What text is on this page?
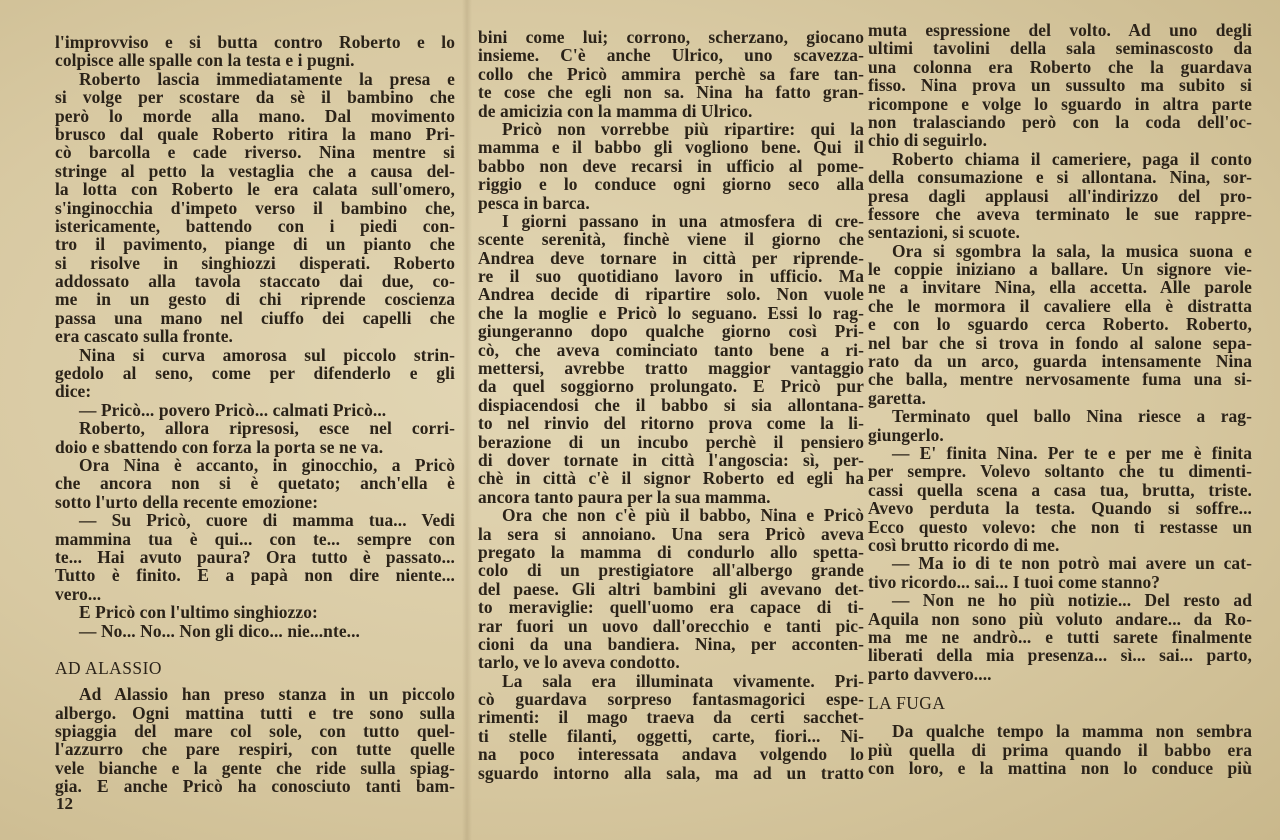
l'improvviso e si butta contro Roberto e lo
colpisce alle spalle con la testa e i pugni.
Roberto lascia immediatamente la presa e
si volge per scostare da sè il bambino che
però lo morde alla mano. Dal movimento
brusco dal quale Roberto ritira la mano Pri-
cò barcolla e cade riverso. Nina mentre si
stringe al petto la vestaglia che a causa del-
la lotta con Roberto le era calata sull'omero,
s'inginocchia d'impeto verso il bambino che,
istericamente, battendo con i piedi con-
tro il pavimento, piange di un pianto che
si risolve in singhiozzi disperati. Roberto
addossato alla tavola staccato dai due, co-
me in un gesto di chi riprende coscienza
passa una mano nel ciuffo dei capelli che
era cascato sulla fronte.
Nina si curva amorosa sul piccolo strin-
gedolo al seno, come per difenderlo e gli
dice:
— Pricò... povero Pricò... calmati Pricò...
Roberto, allora ripresosi, esce nel corri-
doio e sbattendo con forza la porta se ne va.
Ora Nina è accanto, in ginocchio, a Pricò
che ancora non si è quetato; anch'ella è
sotto l'urto della recente emozione:
— Su Pricò, cuore di mamma tua... Vedi
mammina tua è qui... con te... sempre con
te... Hai avuto paura? Ora tutto è passato...
Tutto è finito. E a papà non dire niente...
vero...
E Pricò con l'ultimo singhiozzo:
— No... No... Non gli dico... nie...nte...
AD ALASSIO
Ad Alassio han preso stanza in un piccolo
albergo. Ogni mattina tutti e tre sono sulla
spiaggia del mare col sole, con tutto quel-
l'azzurro che pare respiri, con tutte quelle
vele bianche e la gente che ride sulla spiag-
gia. E anche Pricò ha conosciuto tanti bam-
bini come lui; corrono, scherzano, giocano
insieme. C'è anche Ulrico, uno scavezza-
collo che Pricò ammira perchè sa fare tan-
te cose che egli non sa. Nina ha fatto gran-
de amicizia con la mamma di Ulrico.
Pricò non vorrebbe più ripartire: qui la
mamma e il babbo gli vogliono bene. Qui il
babbo non deve recarsi in ufficio al pome-
riggio e lo conduce ogni giorno seco alla
pesca in barca.
I giorni passano in una atmosfera di cre-
scente serenità, finchè viene il giorno che
Andrea deve tornare in città per riprende-
re il suo quotidiano lavoro in ufficio. Ma
Andrea decide di ripartire solo. Non vuole
che la moglie e Pricò lo seguano. Essi lo rag-
giungeranno dopo qualche giorno così Pri-
cò, che aveva cominciato tanto bene a ri-
mettersi, avrebbe tratto maggior vantaggio
da quel soggiorno prolungato. E Pricò pur
dispiacendosi che il babbo si sia allontana-
to nel rinvio del ritorno prova come la li-
berazione di un incubo perchè il pensiero
di dover tornate in città l'angoscia: sì, per-
chè in città c'è il signor Roberto ed egli ha
ancora tanto paura per la sua mamma.
Ora che non c'è più il babbo, Nina e Pricò
la sera si annoiano. Una sera Pricò aveva
pregato la mamma di condurlo allo spetta-
colo di un prestigiatore all'albergo grande
del paese. Gli altri bambini gli avevano det-
to meraviglie: quell'uomo era capace di ti-
rar fuori un uovo dall'orecchio e tanti pic-
cioni da una bandiera. Nina, per acconten-
tarlo, ve lo aveva condotto.
La sala era illuminata vivamente. Pri-
cò guardava sorpreso fantasmagorici espe-
rimenti: il mago traeva da certi sacchet-
ti stelle filanti, oggetti, carte, fiori... Ni-
na poco interessata andava volgendo lo
sguardo intorno alla sala, ma ad un tratto
muta espressione del volto. Ad uno degli
ultimi tavolini della sala seminascosto da
una colonna era Roberto che la guardava
fisso. Nina prova un sussulto ma subito si
ricompone e volge lo sguardo in altra parte
non tralasciando però con la coda dell'oc-
chio di seguirlo.
Roberto chiama il cameriere, paga il conto
della consumazione e si allontana. Nina, sor-
presa dagli applausi all'indirizzo del pro-
fessore che aveva terminato le sue rappre-
sentazioni, si scuote.
Ora si sgombra la sala, la musica suona e
le coppie iniziano a ballare. Un signore vie-
ne a invitare Nina, ella accetta. Alle parole
che le mormora il cavaliere ella è distratta
e con lo sguardo cerca Roberto. Roberto,
nel bar che si trova in fondo al salone sepa-
rato da un arco, guarda intensamente Nina
che balla, mentre nervosamente fuma una si-
garetta.
Terminato quel ballo Nina riesce a rag-
giungerlo.
— E' finita Nina. Per te e per me è finita
per sempre. Volevo soltanto che tu dimenti-
cassi quella scena a casa tua, brutta, triste.
Avevo perduta la testa. Quando si soffre...
Ecco questo volevo: che non ti restasse un
così brutto ricordo di me.
— Ma io di te non potrò mai avere un cat-
tivo ricordo... sai... I tuoi come stanno?
— Non ne ho più notizie... Del resto ad
Aquila non sono più voluto andare... da Ro-
ma me ne andrò... e tutti sarete finalmente
liberati della mia presenza... sì... sai... parto,
parto davvero....
LA FUGA
Da qualche tempo la mamma non sembra
più quella di prima quando il babbo era
con loro, e la mattina non lo conduce più
12
